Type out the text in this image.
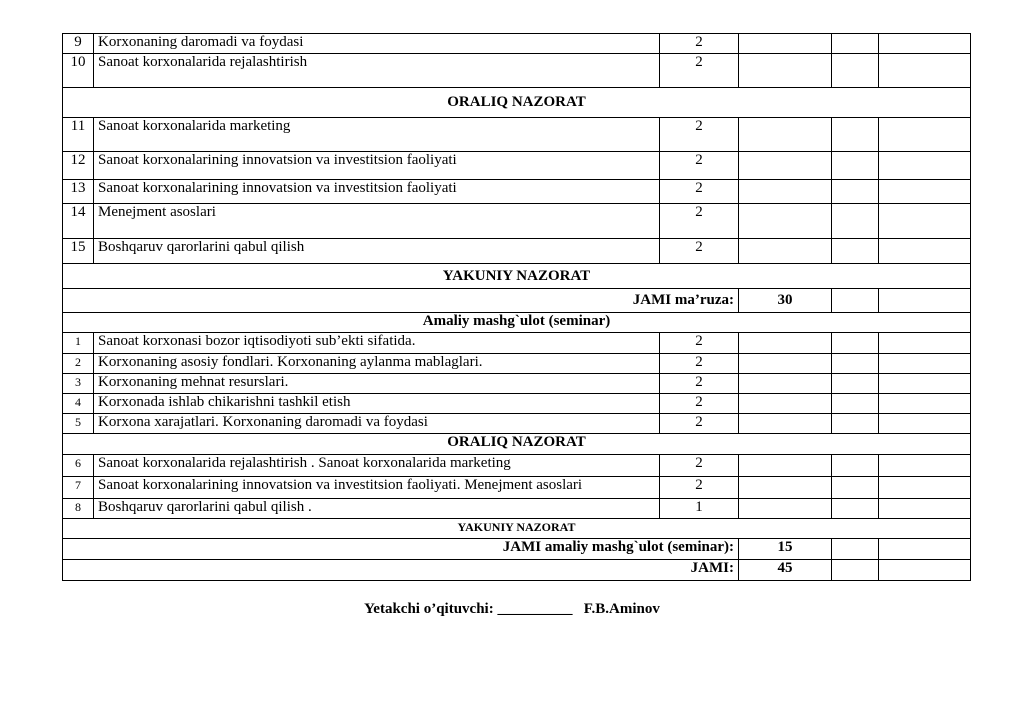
9	Korxonaning daromadi va foydasi	2			
10	Sanoat korxonalarida rejalashtirish	2			
ORALIQ NAZORAT					
11	Sanoat korxonalarida marketing	2			
12	Sanoat korxonalarining innovatsion va investitsion faoliyati	2			
13	Sanoat korxonalarining innovatsion va investitsion faoliyati	2			
14	Menejment asoslari	2			
15	Boshqaruv qarorlarini qabul qilish	2			
YAKUNIY NAZORAT					
JAMI ma’ruza:			30		
Amaliy mashg`ulot (seminar)					
1	Sanoat korxonasi bozor iqtisodiyoti sub’ekti sifatida.	2			
2	Korxonaning asosiy fondlari. Korxonaning aylanma mablaglari.	2			
3	Korxonaning mehnat resurslari.	2			
4	Korxonada ishlab chikarishni tashkil etish	2			
5	Korxona xarajatlari. Korxonaning daromadi va foydasi	2			
ORALIQ NAZORAT					
6	Sanoat korxonalarida rejalashtirish . Sanoat korxonalarida marketing	2			
7	Sanoat korxonalarining innovatsion va investitsion faoliyati. Menejment asoslari	2			
8	Boshqaruv qarorlarini qabul qilish .	1			
YAKUNIY NAZORAT					
JAMI amaliy mashg`ulot (seminar):			15		
JAMI:			45		
Yetakchi o’qituvchi: __________ F.B.Aminov
